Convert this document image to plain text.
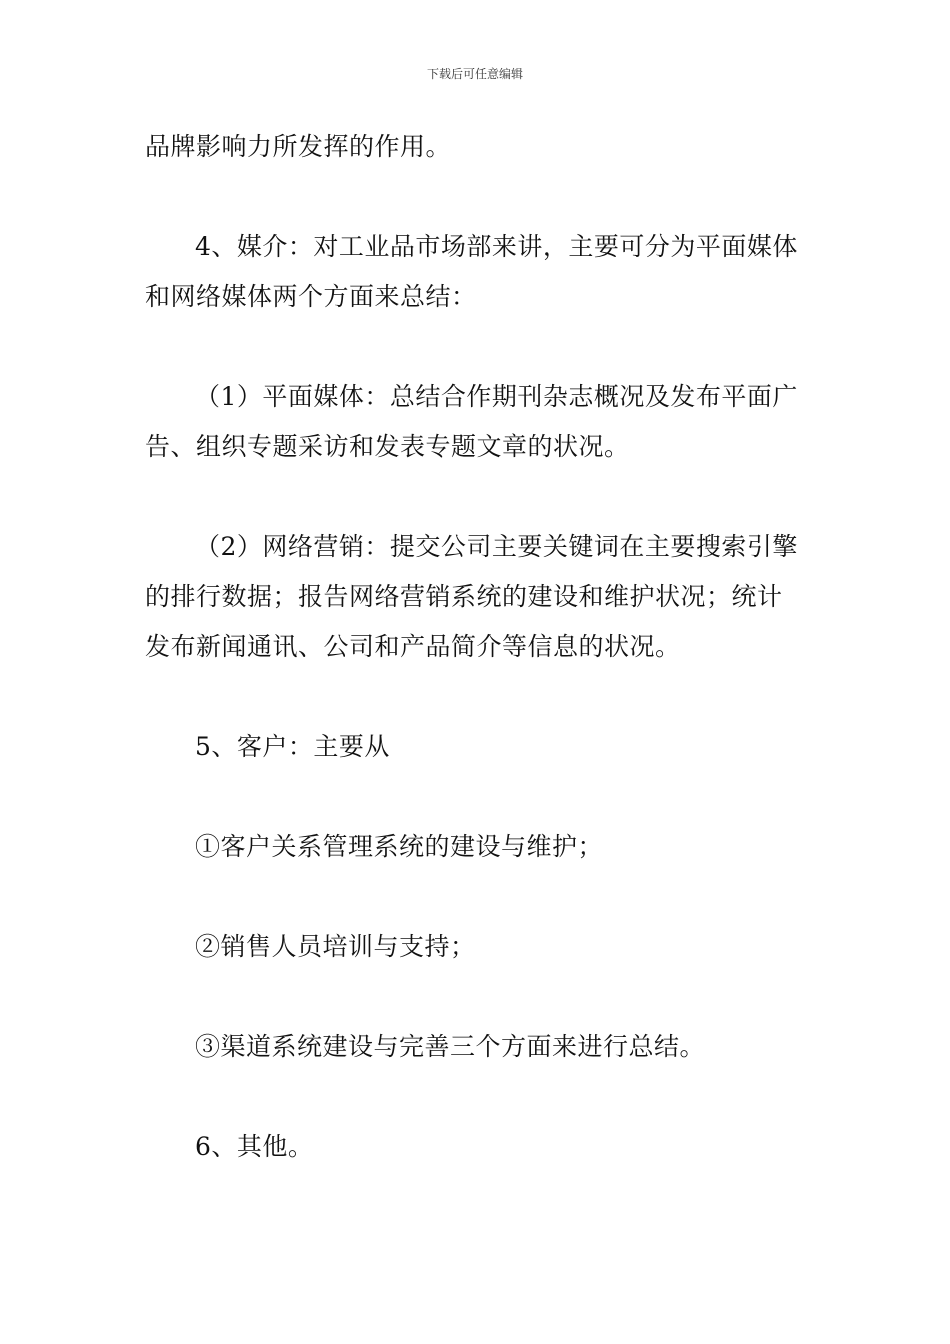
下载后可任意编辑
品牌影响力所发挥的作用。
4、媒介：对工业品市场部来讲，主要可分为平面媒体
和网络媒体两个方面来总结：
（1）平面媒体：总结合作期刊杂志概况及发布平面广
告、组织专题采访和发表专题文章的状况。
（2）网络营销：提交公司主要关键词在主要搜索引擎
的排行数据；报告网络营销系统的建设和维护状况；统计
发布新闻通讯、公司和产品简介等信息的状况。
5、客户：主要从
①客户关系管理系统的建设与维护；
②销售人员培训与支持；
③渠道系统建设与完善三个方面来进行总结。
6、其他。
